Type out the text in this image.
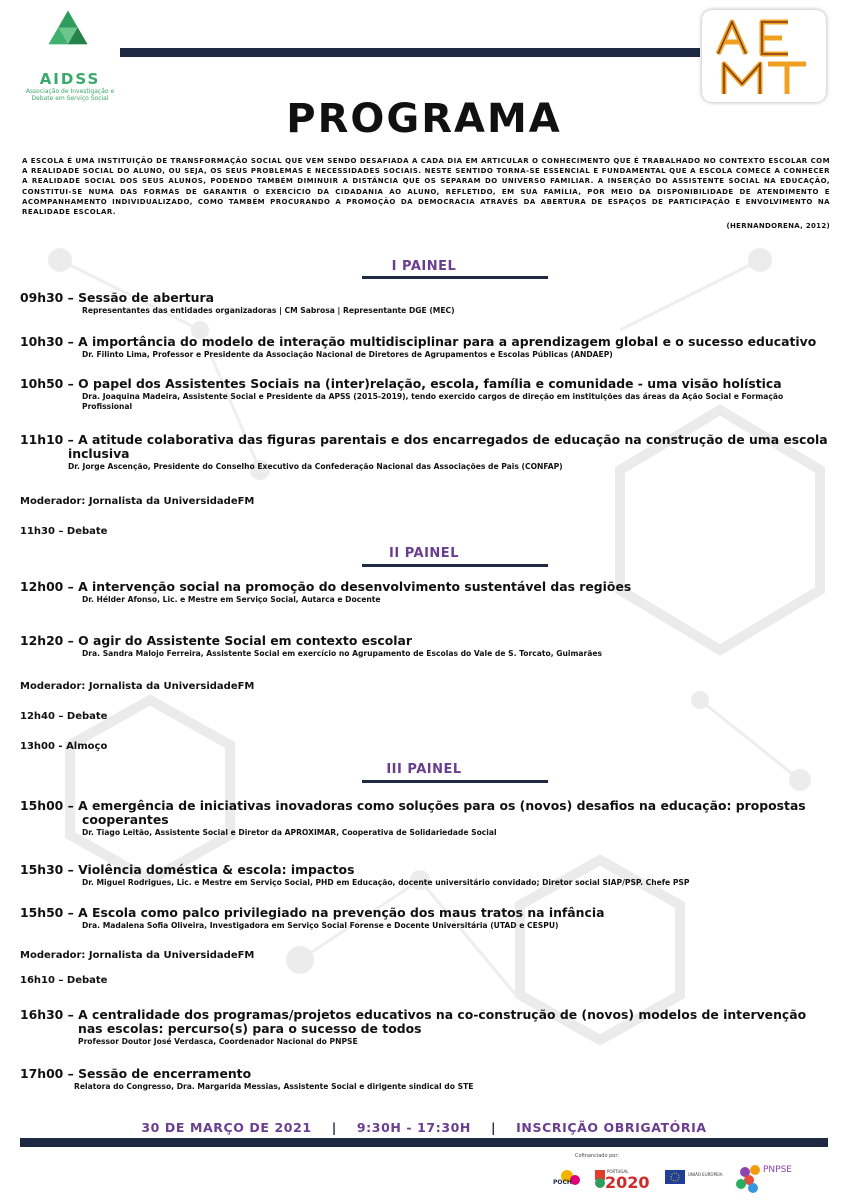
AIDSS
Associação de Investigação e Debate em Serviço Social	PROGRAMA
A ESCOLA É UMA INSTITUIÇÃO DE TRANSFORMAÇÃO SOCIAL QUE VEM SENDO DESAFIADA A CADA DIA EM ARTICULAR O CONHECIMENTO QUE É TRABALHADO NO CONTEXTO ESCOLAR COM A REALIDADE SOCIAL DO ALUNO, OU SEJA, OS SEUS PROBLEMAS E NECESSIDADES SOCIAIS. NESTE SENTIDO TORNA-SE ESSENCIAL E FUNDAMENTAL QUE A ESCOLA COMECE A CONHECER A REALIDADE SOCIAL DOS SEUS ALUNOS, PODENDO TAMBÉM DIMINUIR A DISTÂNCIA QUE OS SEPARAM DO UNIVERSO FAMILIAR. A INSERÇÃO DO ASSISTENTE SOCIAL NA EDUCAÇÃO, CONSTITUI-SE NUMA DAS FORMAS DE GARANTIR O EXERCÍCIO DA CIDADANIA AO ALUNO, REFLETIDO, EM SUA FAMÍLIA, POR MEIO DA DISPONIBILIDADE DE ATENDIMENTO E ACOMPANHAMENTO INDIVIDUALIZADO, COMO TAMBÉM PROCURANDO A PROMOÇÃO DA DEMOCRACIA ATRAVÉS DA ABERTURA DE ESPAÇOS DE PARTICIPAÇÃO E ENVOLVIMENTO NA REALIDADE ESCOLAR.
(HERNANDORENA, 2012)
I PAINEL
09h30 – Sessão de abertura
Representantes das entidades organizadoras | CM Sabrosa | Representante DGE (MEC)
10h30 – A importância do modelo de interação multidisciplinar para a aprendizagem global e o sucesso educativo
Dr. Filinto Lima, Professor e Presidente da Associação Nacional de Diretores de Agrupamentos e Escolas Públicas (ANDAEP)
10h50 – O papel dos Assistentes Sociais na (inter)relação, escola, família e comunidade - uma visão holística
Dra. Joaquina Madeira, Assistente Social e Presidente da APSS (2015-2019), tendo exercido cargos de direção em instituições das áreas da Ação Social e Formação Profissional
11h10 – A atitude colaborativa das figuras parentais e dos encarregados de educação na construção de uma escola
inclusiva
Dr. Jorge Ascenção, Presidente do Conselho Executivo da Confederação Nacional das Associações de Pais (CONFAP)
Moderador: Jornalista da UniversidadeFM
11h30 – Debate
II PAINEL
12h00 – A intervenção social na promoção do desenvolvimento sustentável das regiões
Dr. Hélder Afonso, Lic. e Mestre em Serviço Social, Autarca e Docente
12h20 – O agir do Assistente Social em contexto escolar
Dra. Sandra Malojo Ferreira, Assistente Social em exercício no Agrupamento de Escolas do Vale de S. Torcato, Guimarães
Moderador: Jornalista da UniversidadeFM
12h40 – Debate
13h00 - Almoço
III PAINEL
15h00 – A emergência de iniciativas inovadoras como soluções para os (novos) desafios na educação: propostas
cooperantes
Dr. Tiago Leitão, Assistente Social e Diretor da APROXIMAR, Cooperativa de Solidariedade Social
15h30 – Violência doméstica & escola: impactos
Dr. Miguel Rodrigues, Lic. e Mestre em Serviço Social, PHD em Educação, docente universitário convidado; Diretor social SIAP/PSP. Chefe PSP
15h50 – A Escola como palco privilegiado na prevenção dos maus tratos na infância
Dra. Madalena Sofia Oliveira, Investigadora em Serviço Social Forense e Docente Universitária (UTAD e CESPU)
Moderador: Jornalista da UniversidadeFM
16h10 – Debate
16h30 – A centralidade dos programas/projetos educativos na co-construção de (novos) modelos de intervenção
nas escolas: percurso(s) para o sucesso de todos
Professor Doutor José Verdasca, Coordenador Nacional do PNPSE
17h00 – Sessão de encerramento
Relatora do Congresso, Dra. Margarida Messias, Assistente Social e dirigente sindical do STE
30 DE MARÇO DE 2021 | 9:30H - 17:30H | INSCRIÇÃO OBRIGATÓRIA
Cofinanciado por:
POCH
PORTUGAL
2020	UNIÃO EUROPEIA	PNPSE
